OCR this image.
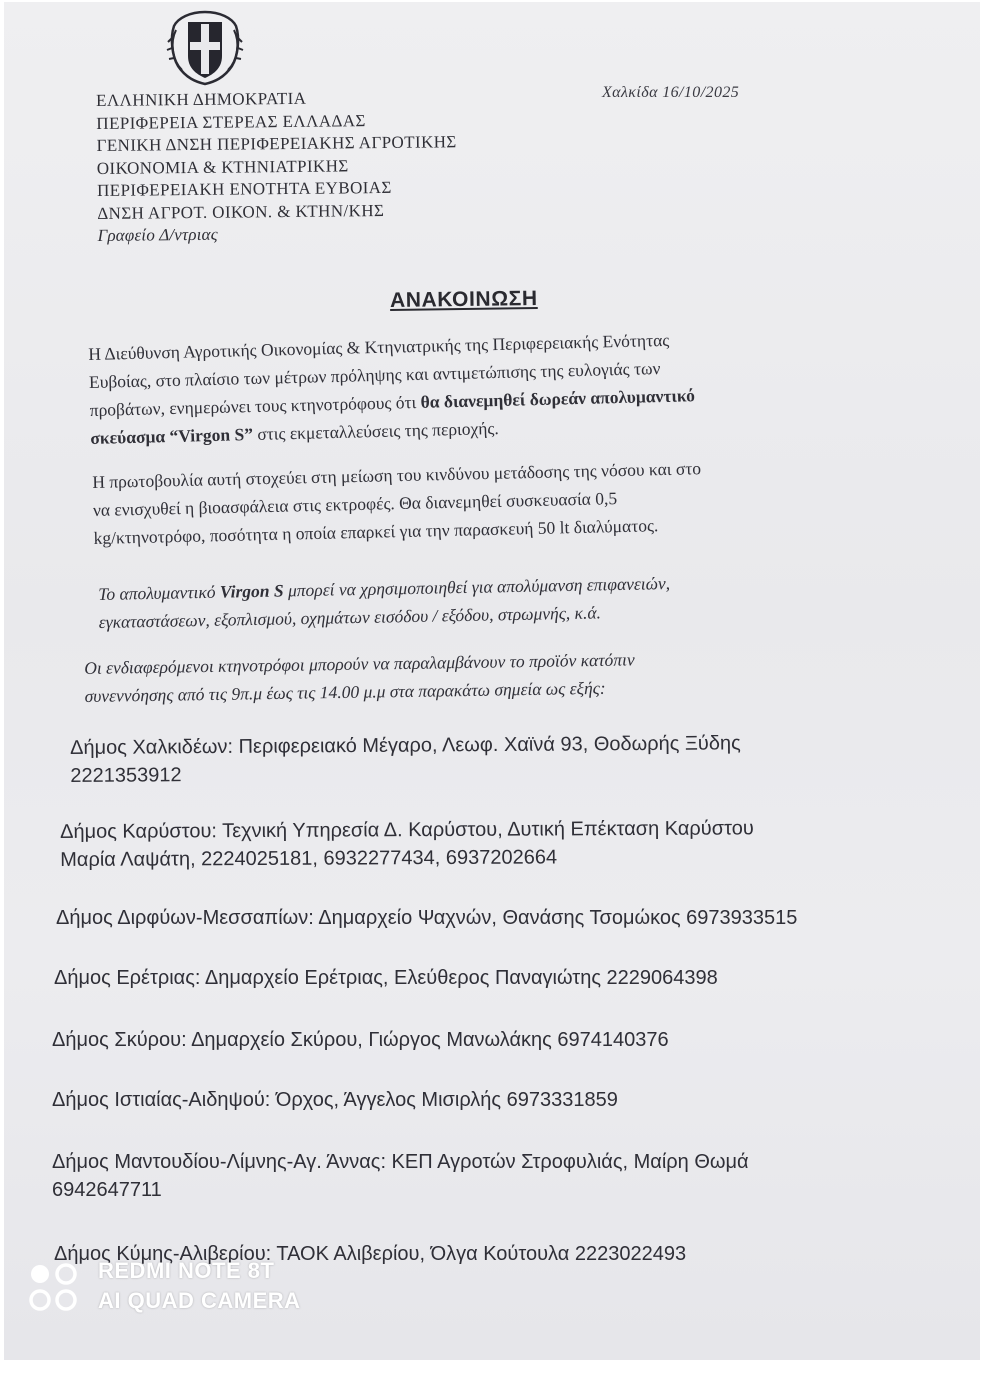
ΕΛΛΗΝΙΚΗ ΔΗΜΟΚΡΑΤΙΑ
ΠΕΡΙΦΕΡΕΙΑ ΣΤΕΡΕΑΣ ΕΛΛΑΔΑΣ
ΓΕΝΙΚΗ ΔΝΣΗ ΠΕΡΙΦΕΡΕΙΑΚΗΣ ΑΓΡΟΤΙΚΗΣ
ΟΙΚΟΝΟΜΙΑ & ΚΤΗΝΙΑΤΡΙΚΗΣ
ΠΕΡΙΦΕΡΕΙΑΚΗ ΕΝΟΤΗΤΑ ΕΥΒΟΙΑΣ
ΔΝΣΗ ΑΓΡΟΤ. ΟΙΚΟΝ. & ΚΤΗΝ/ΚΗΣ
Γραφείο Δ/ντριας
Χαλκίδα 16/10/2025
ΑΝΑΚΟΙΝΩΣΗ
Η Διεύθυνση Αγροτικής Οικονομίας & Κτηνιατρικής της Περιφερειακής Ενότητας
Ευβοίας, στο πλαίσιο των μέτρων πρόληψης και αντιμετώπισης της ευλογιάς των
προβάτων, ενημερώνει τους κτηνοτρόφους ότι θα διανεμηθεί δωρεάν απολυμαντικό
σκεύασμα “Virgon S” στις εκμεταλλεύσεις της περιοχής.
Η πρωτοβουλία αυτή στοχεύει στη μείωση του κινδύνου μετάδοσης της νόσου και στο
να ενισχυθεί η βιοασφάλεια στις εκτροφές. Θα διανεμηθεί συσκευασία 0,5
kg/κτηνοτρόφο, ποσότητα η οποία επαρκεί για την παρασκευή 50 lt διαλύματος.
Το απολυμαντικό Virgon S μπορεί να χρησιμοποιηθεί για απολύμανση επιφανειών,
εγκαταστάσεων, εξοπλισμού, οχημάτων εισόδου / εξόδου, στρωμνής, κ.ά.
Οι ενδιαφερόμενοι κτηνοτρόφοι μπορούν να παραλαμβάνουν το προϊόν κατόπιν
συνεννόησης από τις 9π.μ έως τις 14.00 μ.μ στα παρακάτω σημεία ως εξής:
Δήμος Χαλκιδέων: Περιφερειακό Μέγαρο, Λεωφ. Χαϊνά 93, Θοδωρής Ξύδης
2221353912
Δήμος Καρύστου: Τεχνική Υπηρεσία Δ. Καρύστου, Δυτική Επέκταση Καρύστου
Μαρία Λαψάτη, 2224025181, 6932277434, 6937202664
Δήμος Διρφύων-Μεσσαπίων: Δημαρχείο Ψαχνών, Θανάσης Τσομώκος 6973933515
Δήμος Ερέτριας: Δημαρχείο Ερέτριας, Ελεύθερος Παναγιώτης 2229064398
Δήμος Σκύρου: Δημαρχείο Σκύρου, Γιώργος Μανωλάκης 6974140376
Δήμος Ιστιαίας-Αιδηψού: Όρχος, Άγγελος Μισιρλής 6973331859
Δήμος Μαντουδίου-Λίμνης-Αγ. Άννας: ΚΕΠ Αγροτών Στροφυλιάς, Μαίρη Θωμά
6942647711
Δήμος Κύμης-Αλιβερίου: ΤΑΟΚ Αλιβερίου, Όλγα Κούτουλα 2223022493
REDMI NOTE 8T
AI QUAD CAMERA
